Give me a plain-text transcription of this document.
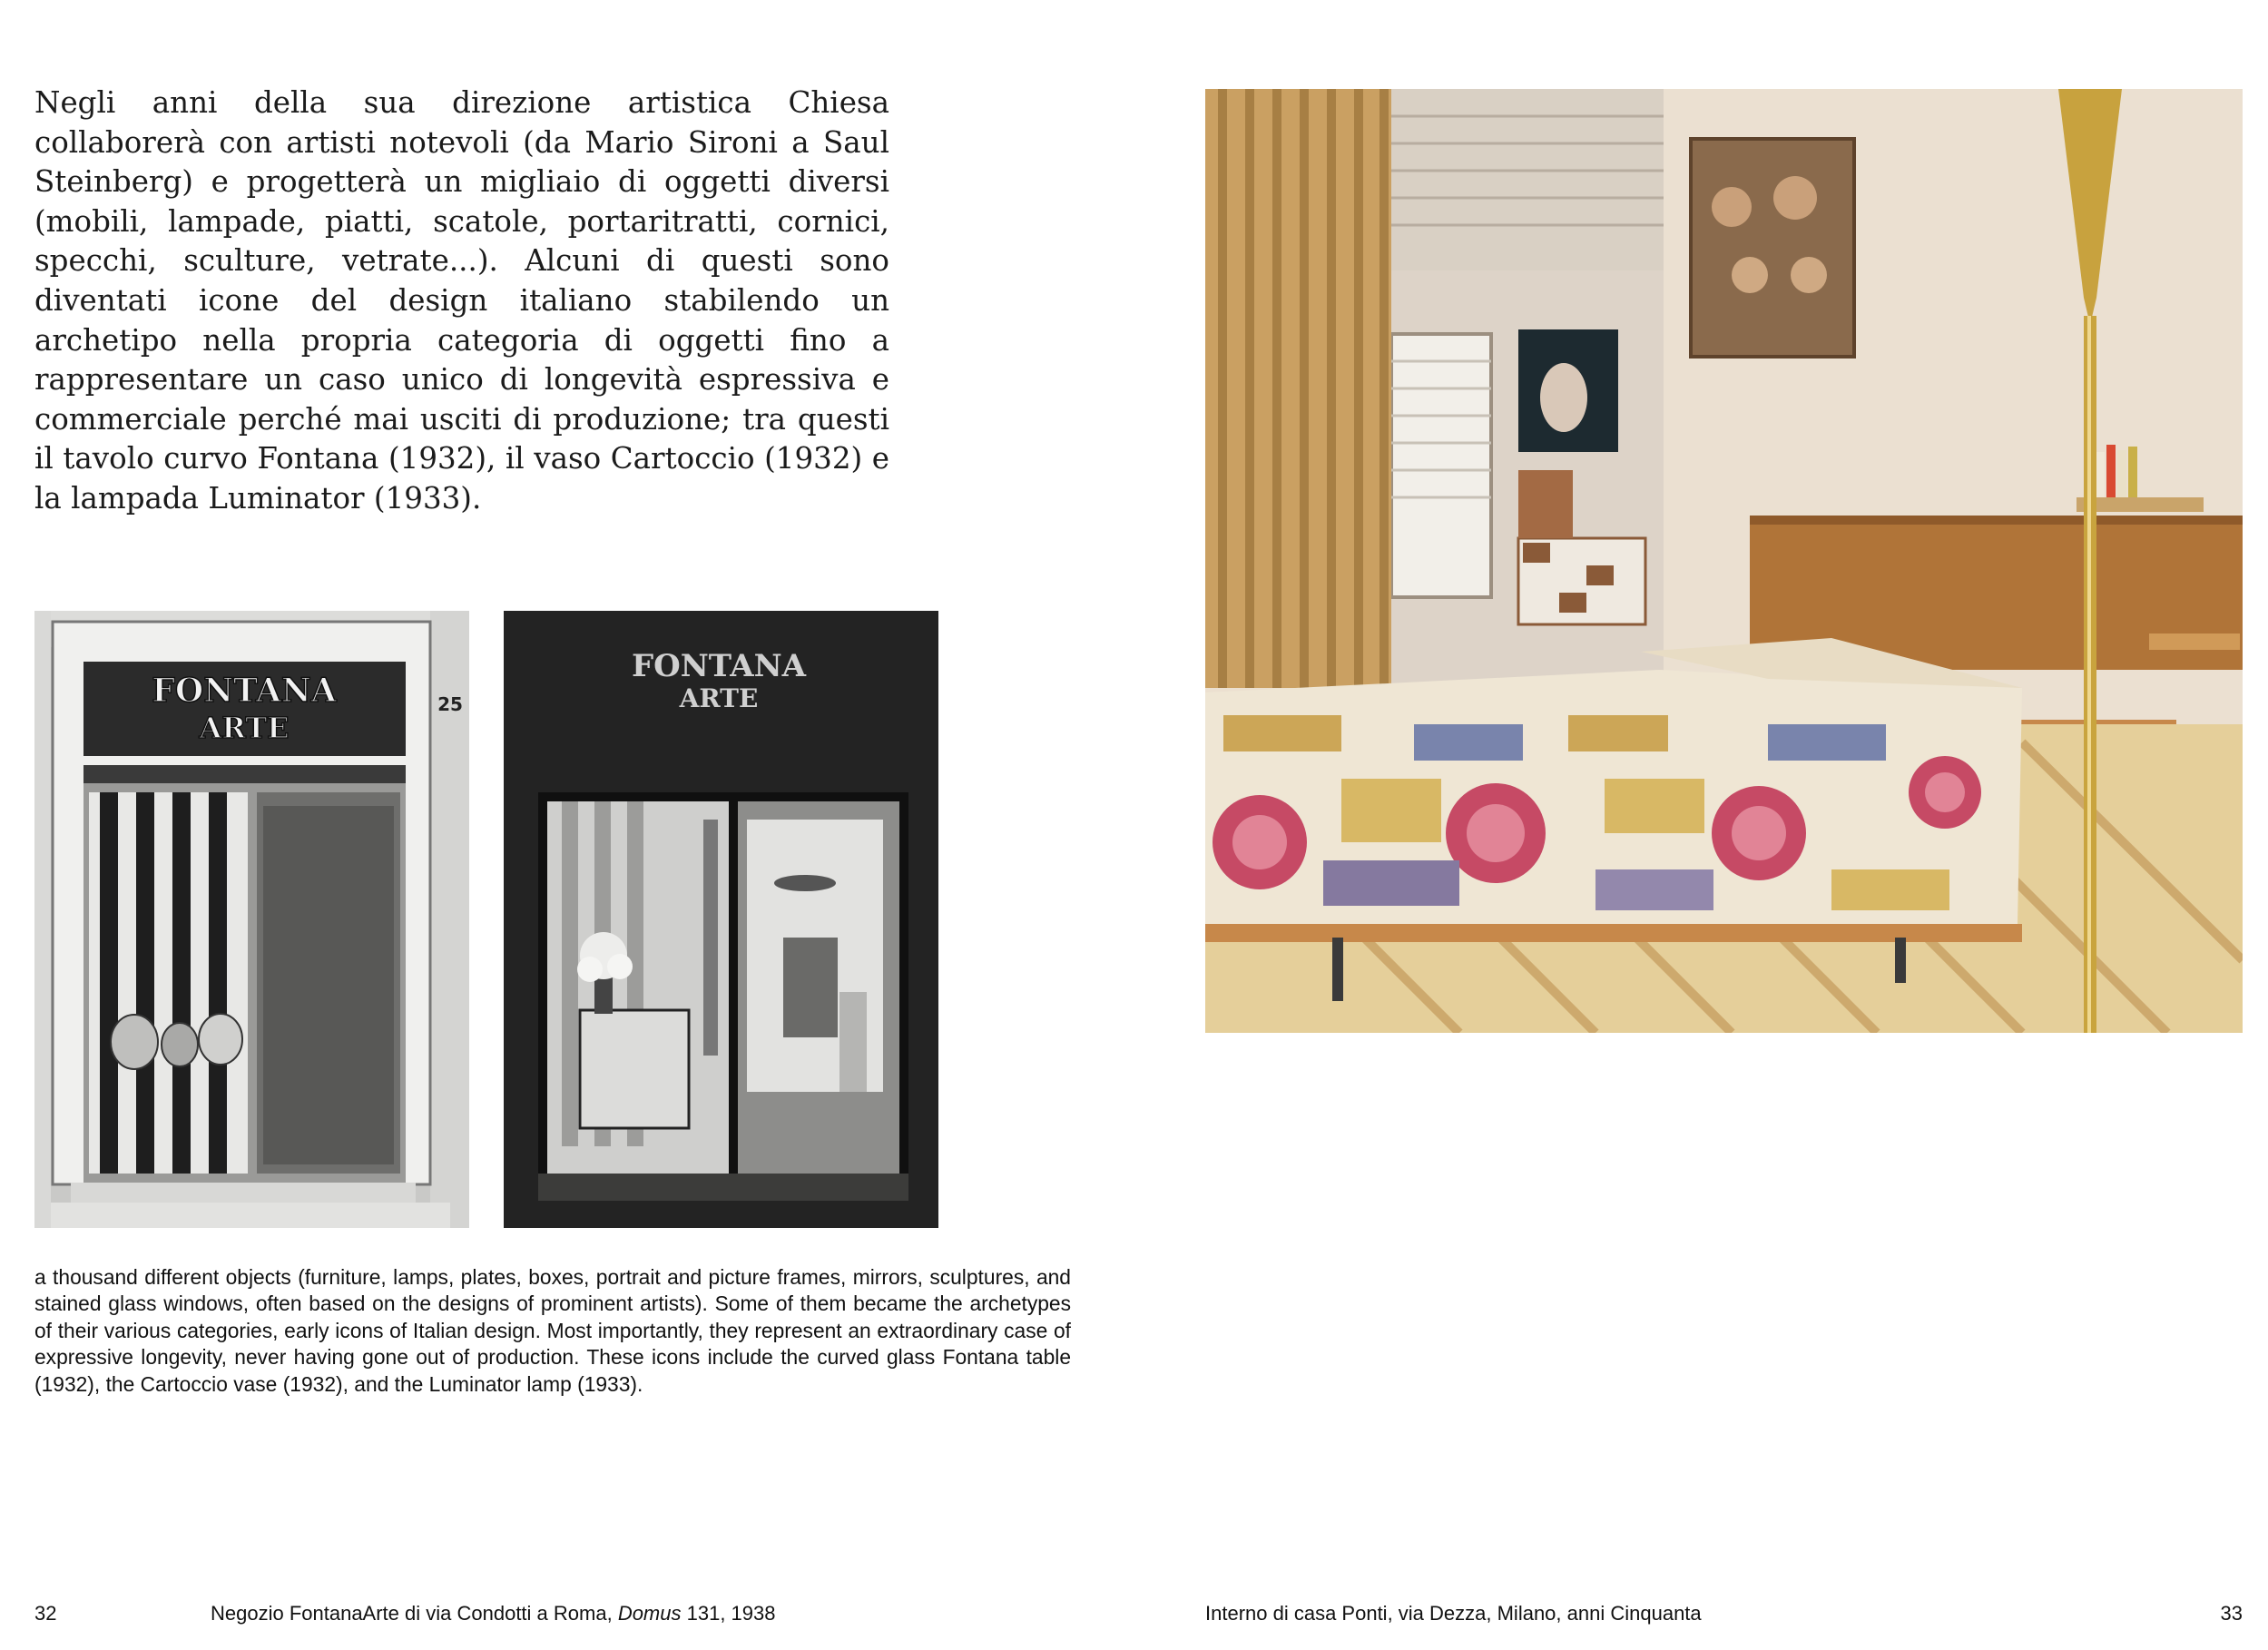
Negli anni della sua direzione artistica Chiesa collaborerà con artisti notevoli (da Mario Sironi a Saul Steinberg) e progetterà un migliaio di oggetti diversi (mobili, lampade, piatti, scatole, portaritratti, cornici, specchi, sculture, vetrate...). Alcuni di questi sono diventati icone del design italiano stabilendo un archetipo nella propria categoria di oggetti fino a rappresentare un caso unico di longevità espressiva e commerciale perché mai usciti di produzione; tra questi il tavolo curvo Fontana (1932), il vaso Cartoccio (1932) e la lampada Luminator (1933).

FONTANA
ARTE
25
FONTANA
ARTE

a thousand different objects (furniture, lamps, plates, boxes, portrait and picture frames, mirrors, sculptures, and stained glass windows, often based on the designs of prominent artists). Some of them became the archetypes of their various categories, early icons of Italian design. Most importantly, they represent an extraordinary case of expressive longevity, never having gone out of production. These icons include the curved glass Fontana table (1932), the Cartoccio vase (1932), and the Luminator lamp (1933).

32	Negozio FontanaArte di via Condotti a Roma, Domus 131, 1938	Interno di casa Ponti, via Dezza, Milano, anni Cinquanta	33
